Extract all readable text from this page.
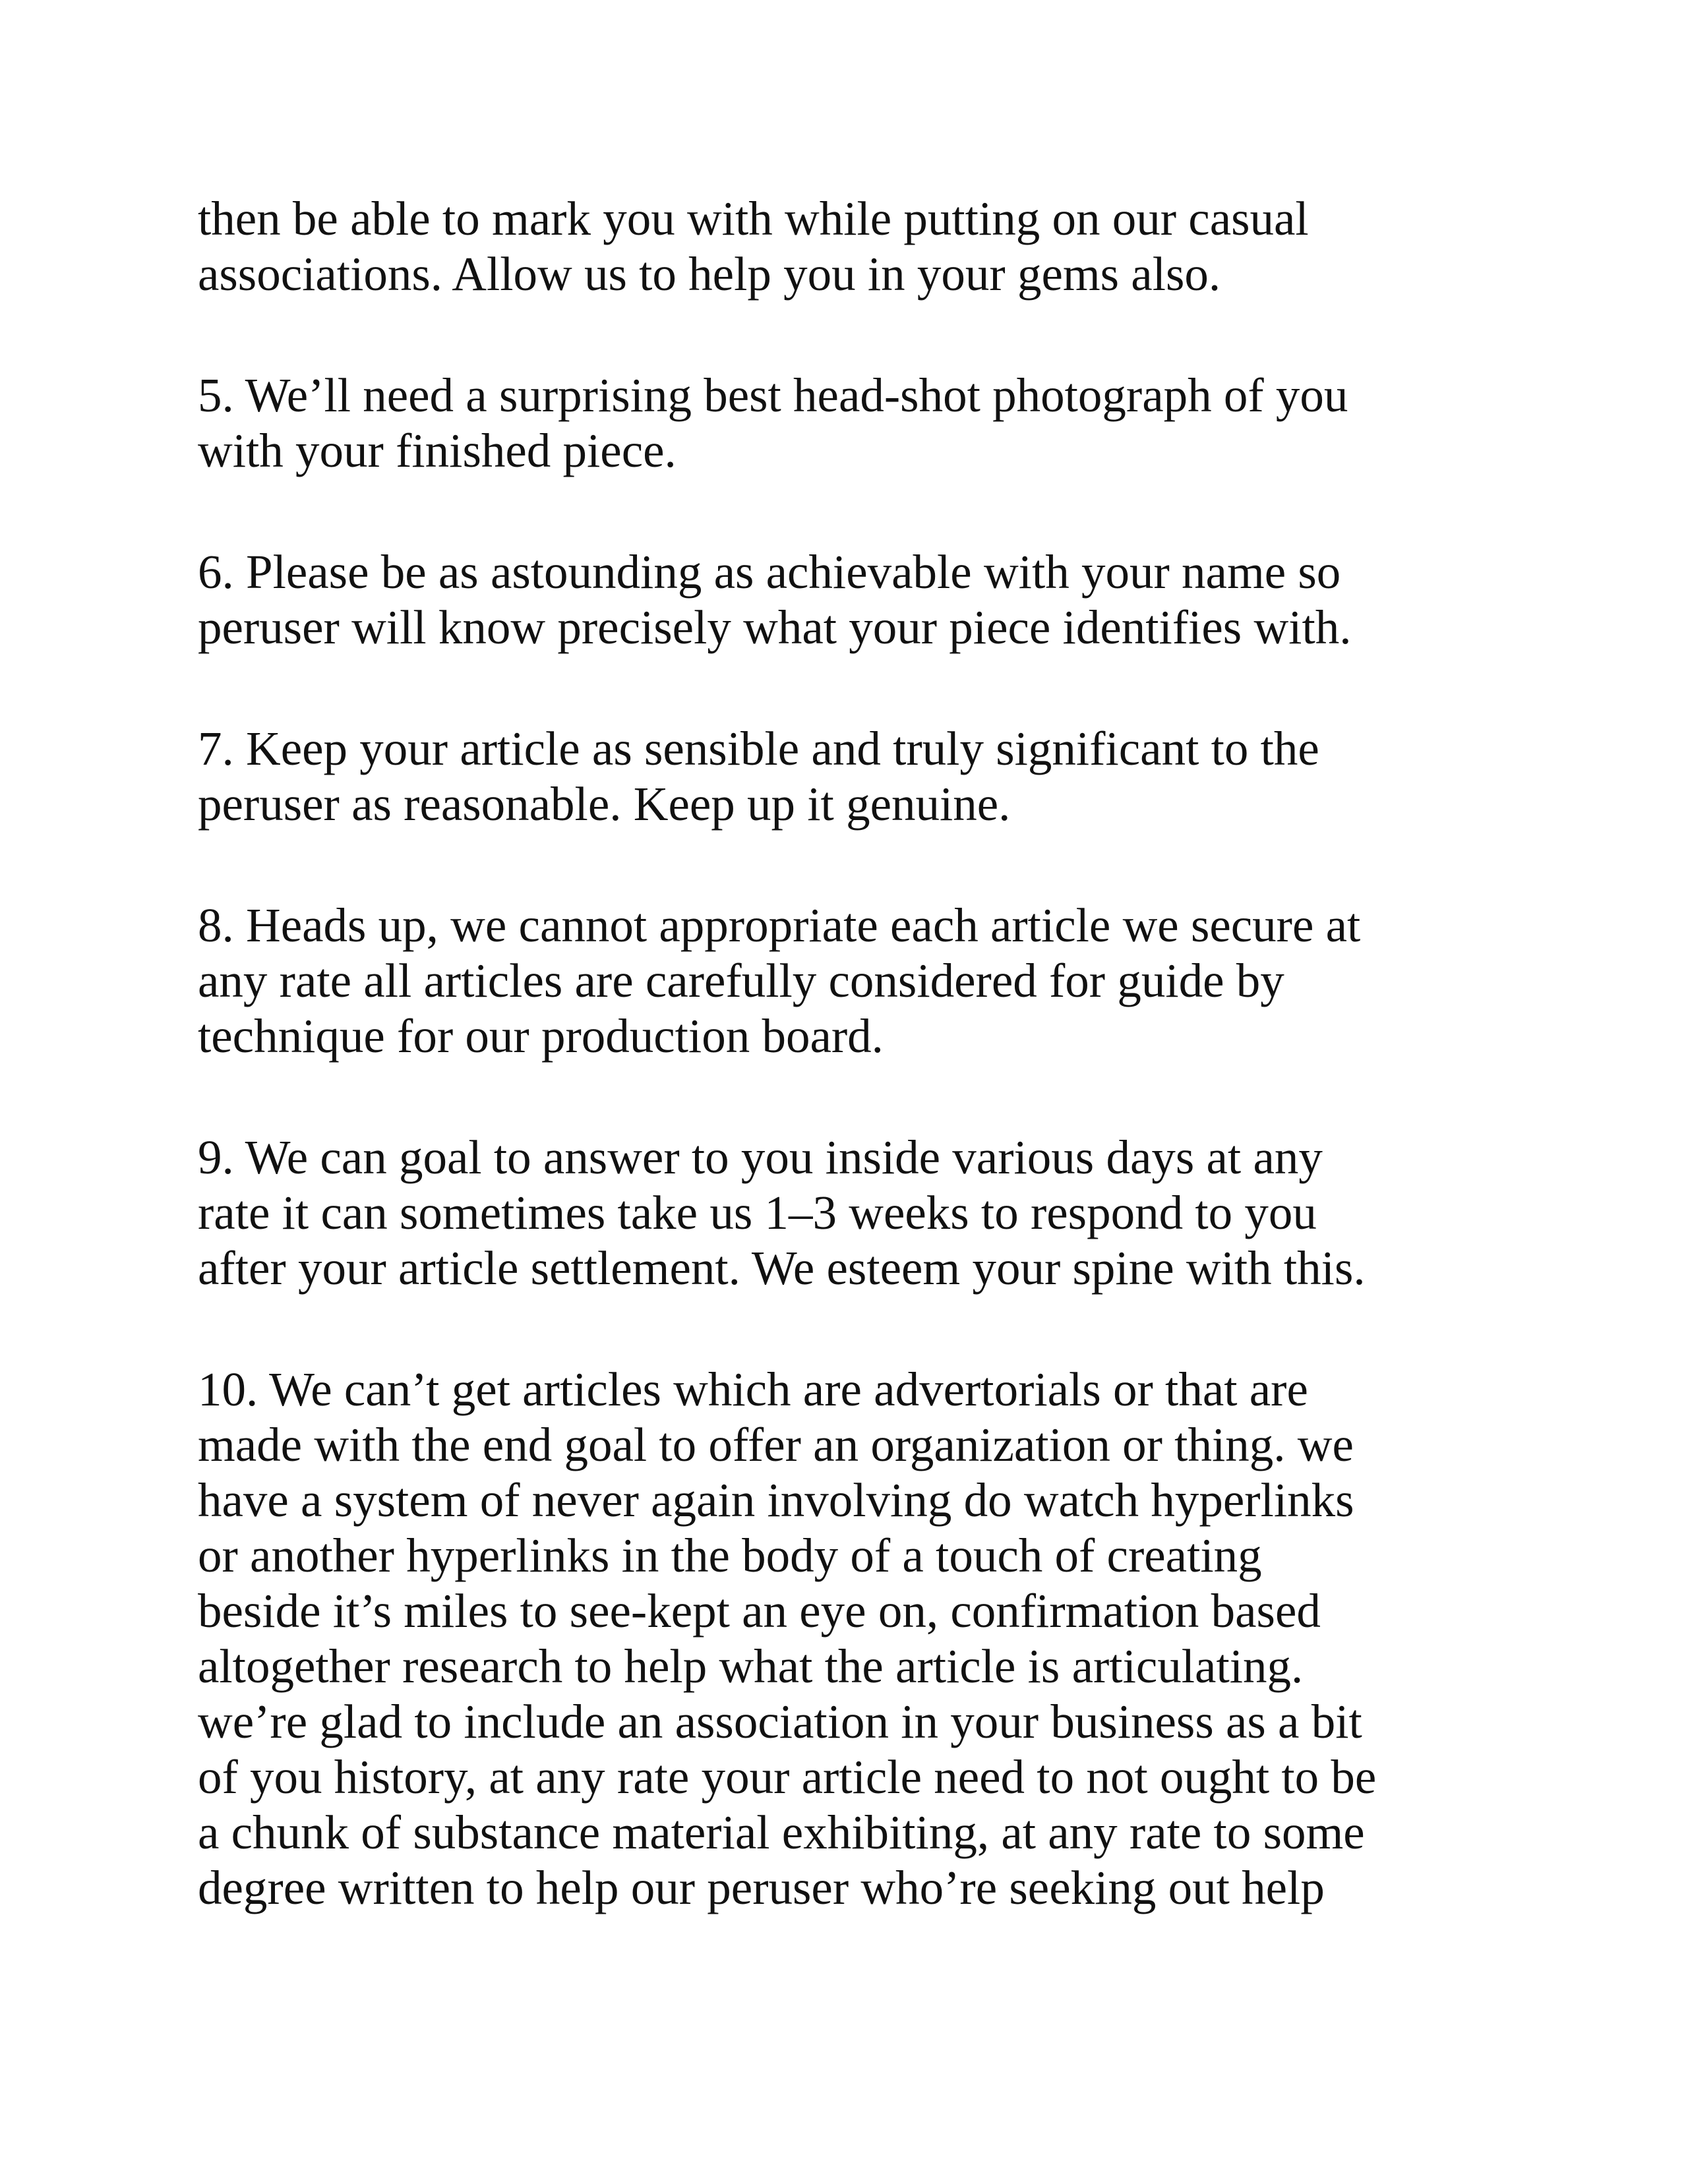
then be able to mark you with while putting on our casual
associations. Allow us to help you in your gems also.

5. We’ll need a surprising best head-shot photograph of you
with your finished piece.

6. Please be as astounding as achievable with your name so
peruser will know precisely what your piece identifies with.

7. Keep your article as sensible and truly significant to the
peruser as reasonable. Keep up it genuine.

8. Heads up, we cannot appropriate each article we secure at
any rate all articles are carefully considered for guide by
technique for our production board.

9. We can goal to answer to you inside various days at any
rate it can sometimes take us 1–3 weeks to respond to you
after your article settlement. We esteem your spine with this.

10. We can’t get articles which are advertorials or that are
made with the end goal to offer an organization or thing. we
have a system of never again involving do watch hyperlinks
or another hyperlinks in the body of a touch of creating
beside it’s miles to see-kept an eye on, confirmation based
altogether research to help what the article is articulating.
we’re glad to include an association in your business as a bit
of you history, at any rate your article need to not ought to be
a chunk of substance material exhibiting, at any rate to some
degree written to help our peruser who’re seeking out help
